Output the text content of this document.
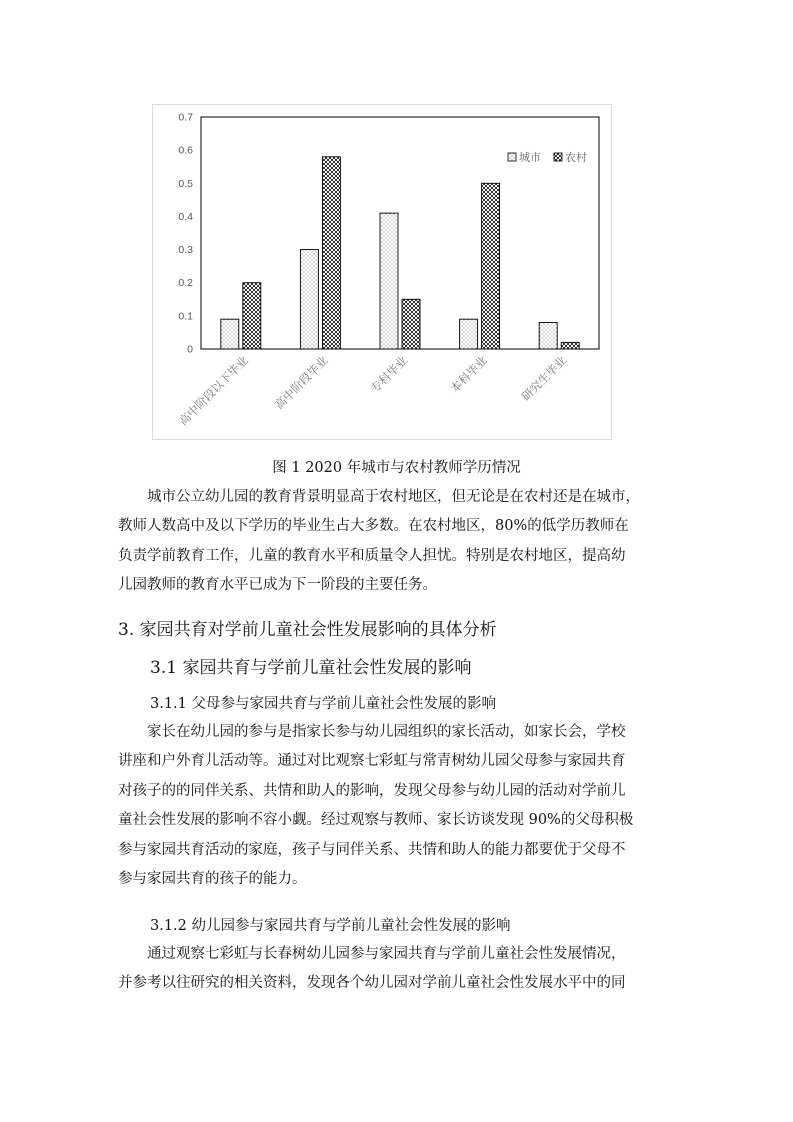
0
0.1
0.2
0.3
0.4
0.5
0.6
0.7
高中阶段以下毕业 高中阶段毕业	专科毕业	本科毕业	研究生毕业
城市 农村
图 1 2020 年城市与农村教师学历情况
城市公立幼儿园的教育背景明显高于农村地区，但无论是在农村还是在城市，
教师人数高中及以下学历的毕业生占大多数。在农村地区，80%的低学历教师在
负责学前教育工作，儿童的教育水平和质量令人担忧。特别是农村地区，提高幼
儿园教师的教育水平已成为下一阶段的主要任务。
3. 家园共育对学前儿童社会性发展影响的具体分析
3.1 家园共育与学前儿童社会性发展的影响
3.1.1 父母参与家园共育与学前儿童社会性发展的影响
家长在幼儿园的参与是指家长参与幼儿园组织的家长活动，如家长会，学校
讲座和户外育儿活动等。通过对比观察七彩虹与常青树幼儿园父母参与家园共育
对孩子的的同伴关系、共情和助人的影响，发现父母参与幼儿园的活动对学前儿
童社会性发展的影响不容小觑。经过观察与教师、家长访谈发现 90%的父母积极
参与家园共育活动的家庭，孩子与同伴关系、共情和助人的能力都要优于父母不
参与家园共育的孩子的能力。
3.1.2 幼儿园参与家园共育与学前儿童社会性发展的影响
通过观察七彩虹与长春树幼儿园参与家园共育与学前儿童社会性发展情况，
并参考以往研究的相关资料，发现各个幼儿园对学前儿童社会性发展水平中的同
